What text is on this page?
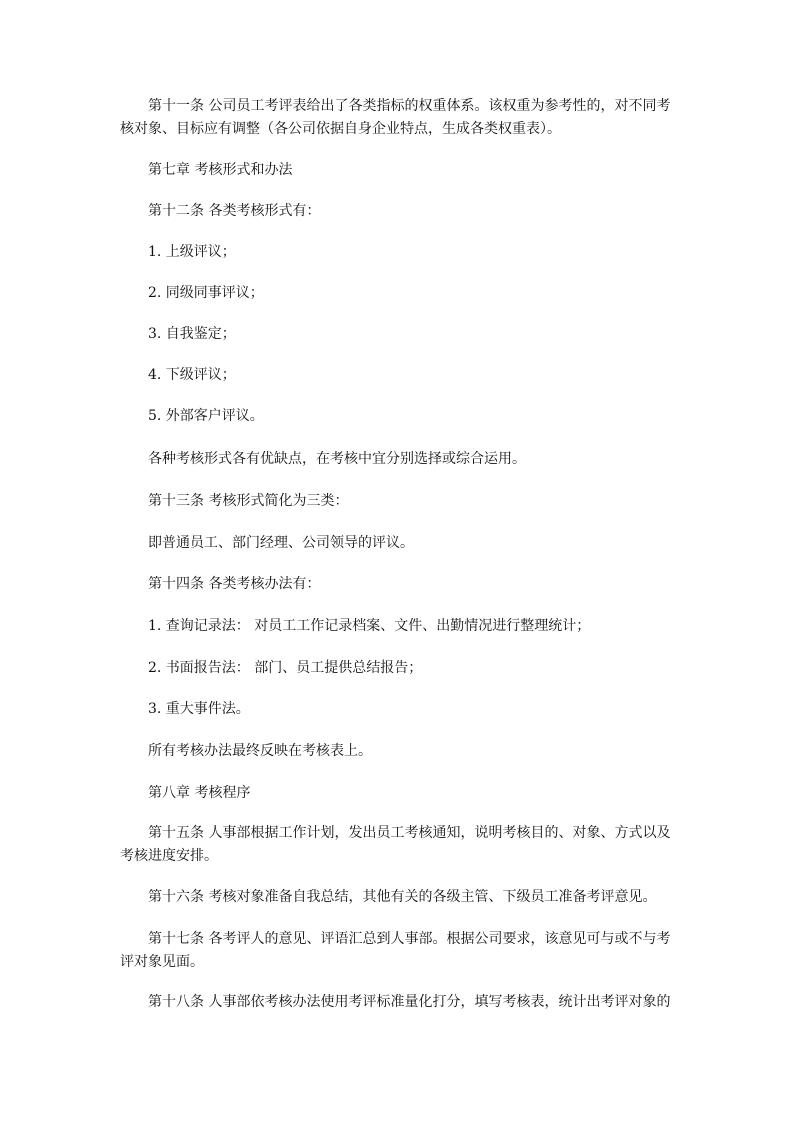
第十一条 公司员工考评表给出了各类指标的权重体系。该权重为参考性的，对不同考核对象、目标应有调整（各公司依据自身企业特点，生成各类权重表）。

第七章 考核形式和办法

第十二条 各类考核形式有：

1. 上级评议；

2. 同级同事评议；

3. 自我鉴定；

4. 下级评议；

5. 外部客户评议。

各种考核形式各有优缺点，在考核中宜分别选择或综合运用。

第十三条 考核形式简化为三类：

即普通员工、部门经理、公司领导的评议。

第十四条 各类考核办法有：

1. 查询记录法： 对员工工作记录档案、文件、出勤情况进行整理统计；

2. 书面报告法： 部门、员工提供总结报告；

3. 重大事件法。

所有考核办法最终反映在考核表上。

第八章 考核程序

第十五条 人事部根据工作计划，发出员工考核通知，说明考核目的、对象、方式以及考核进度安排。

第十六条 考核对象准备自我总结，其他有关的各级主管、下级员工准备考评意见。

第十七条 各考评人的意见、评语汇总到人事部。根据公司要求，该意见可与或不与考评对象见面。

第十八条 人事部依考核办法使用考评标准量化打分，填写考核表，统计出考评对象的
